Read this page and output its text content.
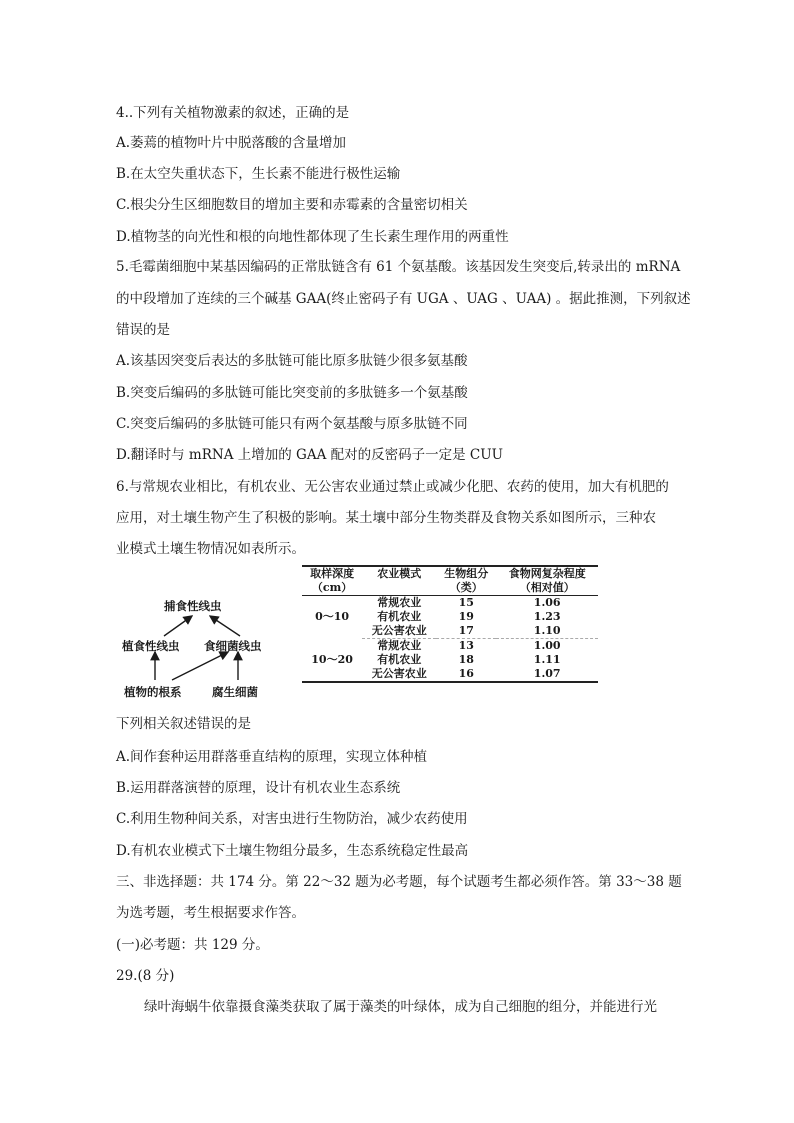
4..下列有关植物激素的叙述，正确的是
A.萎蔫的植物叶片中脱落酸的含量增加
B.在太空失重状态下，生长素不能进行极性运输
C.根尖分生区细胞数目的增加主要和赤霉素的含量密切相关
D.植物茎的向光性和根的向地性都体现了生长素生理作用的两重性
5.毛霉菌细胞中某基因编码的正常肽链含有 61 个氨基酸。该基因发生突变后,转录出的 mRNA
的中段增加了连续的三个碱基 GAA(终止密码子有 UGA 、UAG 、UAA) 。据此推测，下列叙述
错误的是
A.该基因突变后表达的多肽链可能比原多肽链少很多氨基酸
B.突变后编码的多肽链可能比突变前的多肽链多一个氨基酸
C.突变后编码的多肽链可能只有两个氨基酸与原多肽链不同
D.翻译时与 mRNA 上增加的 GAA 配对的反密码子一定是 CUU
6.与常规农业相比，有机农业、无公害农业通过禁止或减少化肥、农药的使用，加大有机肥的
应用，对土壤生物产生了积极的影响。某土壤中部分生物类群及食物关系如图所示，三种农
业模式土壤生物情况如表所示。
捕食性线虫
植食性线虫 食细菌线虫
植物的根系	腐生细菌
取样深度	农业模式	生物组分	食物网复杂程度
（cm）		（类）	（相对值）
0～10	常规农业	15	1.06
	有机农业	19	1.23
	无公害农业	17	1.10
10～20	常规农业	13	1.00
	有机农业	18	1.11
	无公害农业	16	1.07
下列相关叙述错误的是
A.间作套种运用群落垂直结构的原理，实现立体种植
B.运用群落演替的原理，设计有机农业生态系统
C.利用生物种间关系，对害虫进行生物防治，减少农药使用
D.有机农业模式下土壤生物组分最多，生态系统稳定性最高
三、非选择题：共 174 分。第 22～32 题为必考题，每个试题考生都必须作答。第 33～38 题
为选考题，考生根据要求作答。
(一)必考题：共 129 分。
29.(8 分)
绿叶海蜗牛依靠摄食藻类获取了属于藻类的叶绿体，成为自己细胞的组分，并能进行光
